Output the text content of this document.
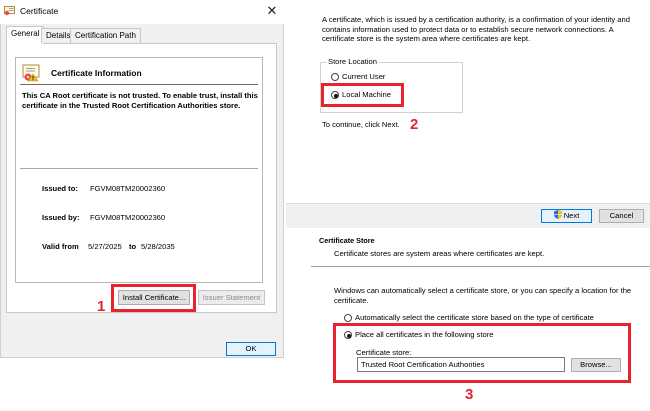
Certificate	✕
General Details Certification Path
Certificate Information
This CA Root certificate is not trusted. To enable trust, install this certificate in the Trusted Root Certification Authorities store.
Issued to: FGVM08TM20002360
Issued by: FGVM08TM20002360
Valid from 5/27/2025 to 5/28/2035
Install Certificate...	Issuer Statement
1
OK
A certificate, which is issued by a certification authority, is a confirmation of your identity and contains information used to protect data or to establish secure network connections. A certificate store is the system area where certificates are kept.
Store Location
Current User
Local Machine
To continue, click Next. 2
Next	Cancel
Certificate Store
Certificate stores are system areas where certificates are kept.
Windows can automatically select a certificate store, or you can specify a location for the certificate.
Automatically select the certificate store based on the type of certificate
Place all certificates in the following store
Certificate store:
Trusted Root Certification Authorities	Browse...
3
